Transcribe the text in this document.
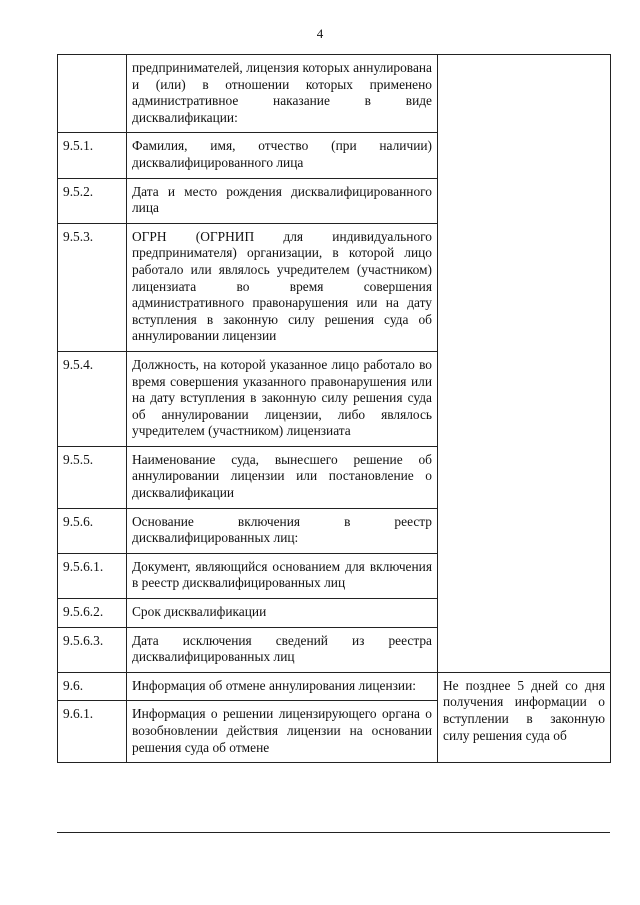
4
	предпринимателей, лицензия которых аннулирована и (или) в отношении которых применено административное наказание в виде дисквалификации:	
9.5.1.	Фамилия, имя, отчество (при наличии) дисквалифицированного лица	
9.5.2.	Дата и место рождения дисквалифицированного лица	
9.5.3.	ОГРН (ОГРНИП для индивидуального предпринимателя) организации, в которой лицо работало или являлось учредителем (участником) лицензиата во время совершения административного правонарушения или на дату вступления в законную силу решения суда об аннулировании лицензии	
9.5.4.	Должность, на которой указанное лицо работало во время совершения указанного правонарушения или на дату вступления в законную силу решения суда об аннулировании лицензии, либо являлось учредителем (участником) лицензиата	
9.5.5.	Наименование суда, вынесшего решение об аннулировании лицензии или постановление о дисквалификации	
9.5.6.	Основание включения в реестр дисквалифицированных лиц:	
9.5.6.1.	Документ, являющийся основанием для включения в реестр дисквалифицированных лиц	
9.5.6.2.	Срок дисквалификации	
9.5.6.3.	Дата исключения сведений из реестра дисквалифицированных лиц	
9.6.	Информация об отмене аннулирования лицензии:	Не позднее 5 дней со дня получения информации о вступлении в законную силу решения суда об
9.6.1.	Информация о решении лицензирующего органа о возобновлении действия лицензии на основании решения суда об отмене	
